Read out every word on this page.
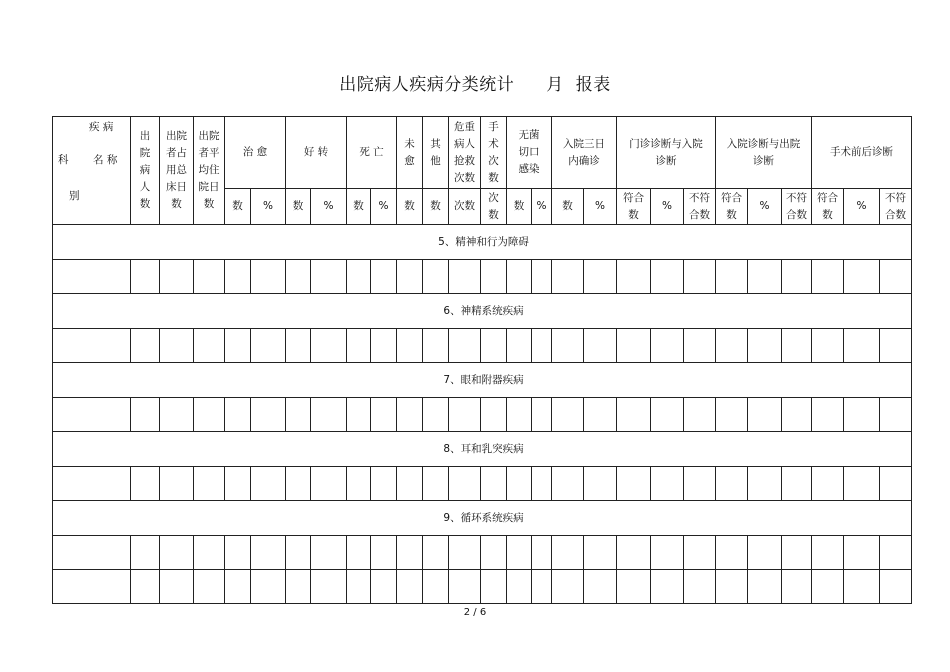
出院病人疾病分类统计 月 报表
疾 病
科 名 称
别	出院病人数	出院者占用总床日数	出院者平均住院日数	治 愈		好 转		死 亡		未愈	其他	危重病人抢救次数	手术次数	无菌切口感染		入院三日内确诊		门诊诊断与入院诊断			入院诊断与出院诊断			手术前后诊断		
				数	%	数	%	数	%	数	数	次数	次数	数	%	数	%	符合数	%	不符合数	符合数	%	不符合数	符合数	%	不符合数
5、精神和行为障碍																										

6、神精系统疾病																										

7、眼和附器疾病																										

8、耳和乳突疾病																										

9、循环系统疾病																										

2 / 6
